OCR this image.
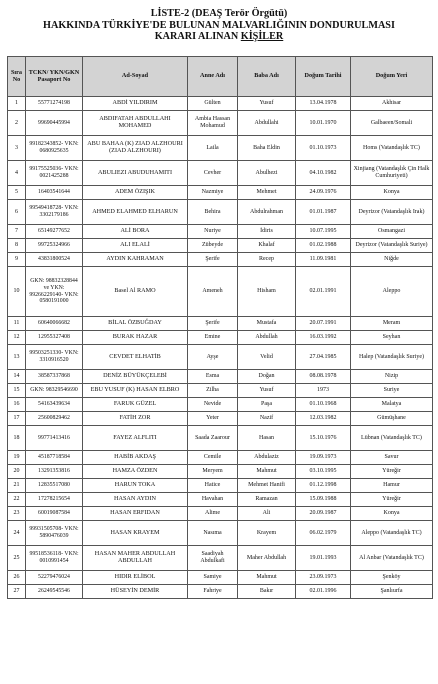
LİSTE-2 (DEAŞ Terör Örgütü)
HAKKINDA TÜRKİYE'DE BULUNAN MALVARLIĞININ DONDURULMASI
KARARI ALINAN KİŞİLER
Sıra No	TCKN/ YKN/GKN Pasaport No	Ad-Soyad	Anne Adı	Baba Adı	Doğum Tarihi	Doğum Yeri
1	55771274198	ABDİ YILDIRIM	Gülten	Yusuf	13.04.1978	Akhisar
2	99690445994	ABDIFATAH ABDULLAHI MOHAMED	Ambia Hassan Mohamud	Abdullahi	10.01.1970	Galbaeen/Somali
3	99182343852- VKN: 0680925635	ABU BAHAA (K) ZIAD ALZHOURI (ZIAD ALZHOURI)	Laila	Baha Eldin	01.10.1973	Homs (Vatandaşlık TC)
4	99175525036- VKN: 0021425288	ABULIEZI ABUDUHAMITI	Cevher	Abulhezi	04.10.1982	Xinjiang (Vatandaşlık Çin Halk Cumhuriyeti)
5	16403541644	ADEM ÖZIŞIK	Nazmiye	Mehmet	24.09.1976	Konya
6	99549418728- VKN: 3302179186	AHMED ELAHMED ELHARUN	Behira	Abdulrahman	01.01.1987	Deyrizor (Vatandaşlık Irak)
7	65149277652	ALİ BORA	Nuriye	İdiris	10.07.1995	Osmangazi
8	99725324966	ALI ELALİ	Zübeyde	Khalaf	01.02.1988	Deyrizor (Vatandaşlık Suriye)
9	43831800524	AYDIN KAHRAMAN	Şerife	Recep	11.09.1981	Niğde
10	GKN: 98832328844 ve YKN: 99266229140- VKN: 0580191000	Basel Al RAMO	Ameneh	Hisham	02.01.1991	Aleppo
11	60640066682	BİLAL ÖZBUĞDAY	Şerife	Mustafa	20.07.1991	Meram
12	12955327408	BURAK HAZAR	Emine	Abdullah	16.03.1992	Seyhan
13	99503251330- VKN: 3310916520	CEVDET ELHATİB	Ayşe	Velid	27.04.1985	Halep (Vatandaşlık Suriye)
14	38587337868	DENİZ BÜYÜKÇELEBİ	Esma	Doğan	08.08.1978	Nizip
15	GKN: 98329546690	EBU YUSUF (K) HASAN ELBRO	Zilha	Yusuf	1973	Suriye
16	54163439634	FARUK GÜZEL	Nevide	Paşa	01.10.1968	Malatya
17	25600829462	FATİH ZOR	Yeter	Nazif	12.03.1982	Gümüşhane
18	99771413416	FAYEZ ALFLITI	Saada Zaarour	Hasan	15.10.1976	Lübnan (Vatandaşlık TC)
19	45187718584	HABİB AKDAŞ	Cemile	Abdulaziz	19.09.1973	Savur
20	13291353816	HAMZA ÖZDEN	Meryem	Mahmut	03.10.1995	Yüreğir
21	12835517080	HARUN TOKA	Hatice	Mehmet Hanifi	01.12.1998	Hamur
22	17278215654	HASAN AYDIN	Havahan	Ramazan	15.09.1988	Yüreğir
23	60019087584	HASAN ERFIDAN	Alime	Ali	20.09.1987	Konya
24	99931505708- VKN: 5890476039	HASAN KRAYEM	Nasıma	Krayem	06.02.1979	Aleppo (Vatandaşlık TC)
25	99518536118- VKN: 0010991454	HASAN MAHER ABDULLAH ABDULLAH	Saadiyah Abdulkafi	Maher Abdullah	19.01.1993	Al Anbar (Vatandaşlık TC)
26	52279476024	HIDIR ELİBOL	Samiye	Mahmut	23.09.1973	Şenköy
27	26249545546	HÜSEYİN DEMİR	Fahriye	Bakır	02.01.1996	Şanlıurfa
